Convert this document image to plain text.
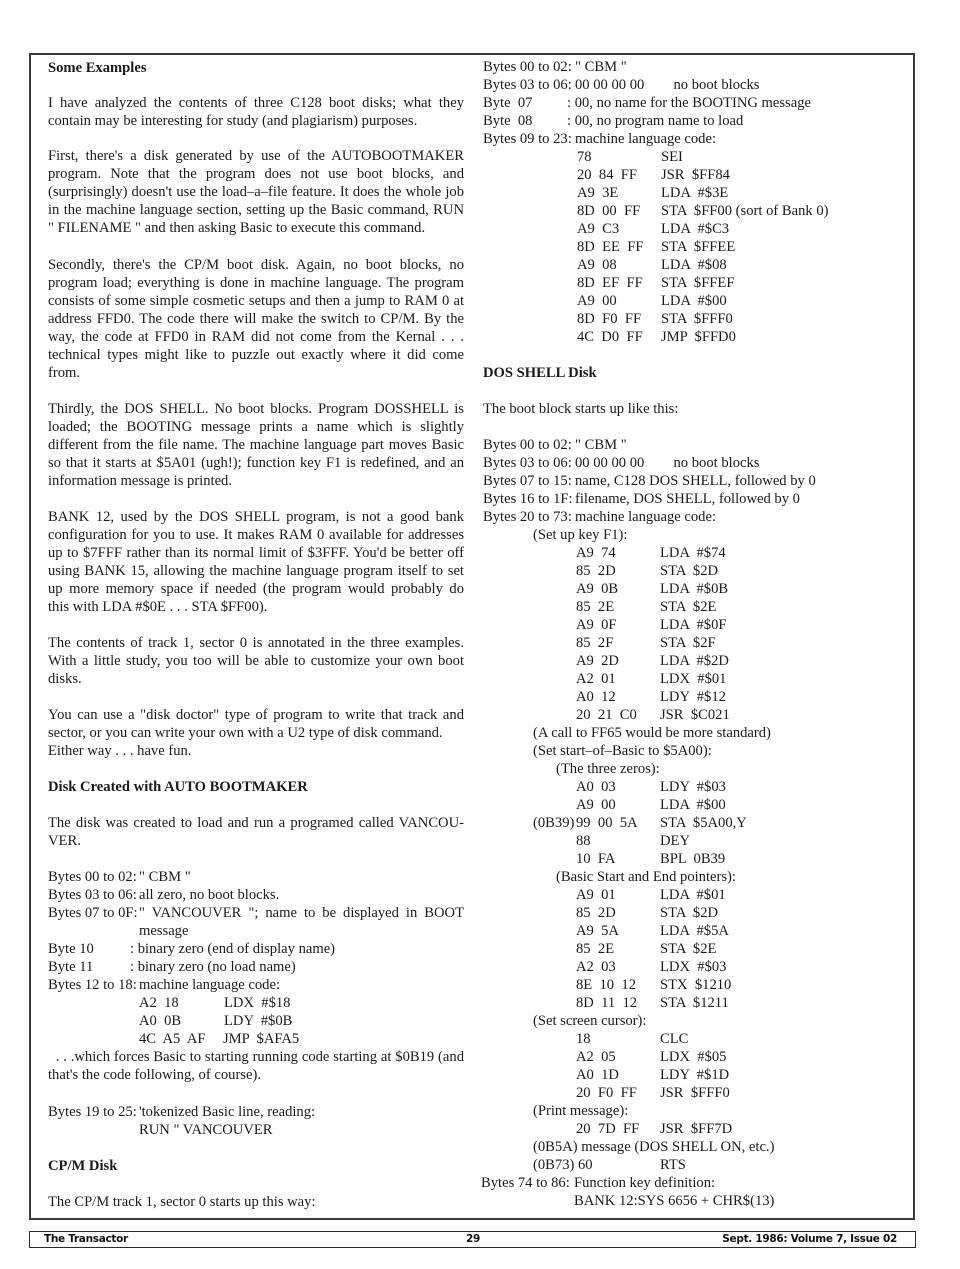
Some Examples
I have analyzed the contents of three C128 boot disks; what they
contain may be interesting for study (and plagiarism) purposes.
First, there's a disk generated by use of the AUTOBOOTMAKER
program. Note that the program does not use boot blocks, and
(surprisingly) doesn't use the load–a–file feature. It does the whole job
in the machine language section, setting up the Basic command, RUN
" FILENAME " and then asking Basic to execute this command.
Secondly, there's the CP/M boot disk. Again, no boot blocks, no
program load; everything is done in machine language. The program
consists of some simple cosmetic setups and then a jump to RAM 0 at
address FFD0. The code there will make the switch to CP/M. By the
way, the code at FFD0 in RAM did not come from the Kernal . . .
technical types might like to puzzle out exactly where it did come
from.
Thirdly, the DOS SHELL. No boot blocks. Program DOSSHELL is
loaded; the BOOTING message prints a name which is slightly
different from the file name. The machine language part moves Basic
so that it starts at $5A01 (ugh!); function key F1 is redefined, and an
information message is printed.
BANK 12, used by the DOS SHELL program, is not a good bank
configuration for you to use. It makes RAM 0 available for addresses
up to $7FFF rather than its normal limit of $3FFF. You'd be better off
using BANK 15, allowing the machine language program itself to set
up more memory space if needed (the program would probably do
this with LDA #$0E . . . STA $FF00).
The contents of track 1, sector 0 is annotated in the three examples.
With a little study, you too will be able to customize your own boot
disks.
You can use a "disk doctor" type of program to write that track and
sector, or you can write your own with a U2 type of disk command.
Either way . . . have fun.
Disk Created with AUTO BOOTMAKER
The disk was created to load and run a programed called VANCOU-
VER.
Bytes 00 to 02: " CBM "
Bytes 03 to 06: all zero, no boot blocks.
Bytes 07 to 0F: " VANCOUVER "; name to be displayed in BOOT
message
Byte 10 : binary zero (end of display name)
Byte 11	: binary zero (no load name)
Bytes 12 to 18: machine language code:
A2  18	LDX  #$18
A0  0B	LDY  #$0B
4C  A5  AF JMP  $AFA5
. . .which forces Basic to starting running code starting at $0B19 (and
that's the code following, of course).
Bytes 19 to 25: 'tokenized Basic line, reading:
RUN " VANCOUVER
CP/M Disk
The CP/M track 1, sector 0 starts up this way:
Bytes 00 to 02: " CBM "
Bytes 03 to 06: 00 00 00 00        no boot blocks
Byte  07 : 00, no name for the BOOTING message
Byte  08 : 00, no program name to load
Bytes 09 to 23: machine language code:
78	SEI
20  84  FF JSR  $FF84
A9  3E	LDA  #$3E
8D  00  FF STA  $FF00 (sort of Bank 0)
A9  C3	LDA  #$C3
8D  EE  FF STA  $FFEE
A9  08	LDA  #$08
8D  EF  FF STA  $FFEF
A9  00	LDA  #$00
8D  F0  FF STA  $FFF0
4C  D0  FF JMP  $FFD0
DOS SHELL Disk
The boot block starts up like this:
Bytes 00 to 02: " CBM "
Bytes 03 to 06: 00 00 00 00        no boot blocks
Bytes 07 to 15: name, C128 DOS SHELL, followed by 0
Bytes 16 to 1F: filename, DOS SHELL, followed by 0
Bytes 20 to 73: machine language code:
(Set up key F1):
A9  74	LDA  #$74
85  2D	STA  $2D
A9  0B	LDA  #$0B
85  2E	STA  $2E
A9  0F	LDA  #$0F
85  2F	STA  $2F
A9  2D	LDA  #$2D
A2  01	LDX  #$01
A0  12	LDY  #$12
20  21  C0 JSR  $C021
(A call to FF65 would be more standard)
(Set start–of–Basic to $5A00):
(The three zeros):
A0  03	LDY  #$03
A9  00	LDA  #$00
(0B39) 99  00  5A STA  $5A00,Y
88	DEY
10  FA	BPL  0B39
(Basic Start and End pointers):
A9  01	LDA  #$01
85  2D	STA  $2D
A9  5A	LDA  #$5A
85  2E	STA  $2E
A2  03	LDX  #$03
8E  10  12 STX  $1210
8D  11  12 STA  $1211
(Set screen cursor):
18	CLC
A2  05	LDX  #$05
A0  1D	LDY  #$1D
20  F0  FF JSR  $FFF0
(Print message):
20  7D  FF JSR  $FF7D
(0B5A) message (DOS SHELL ON, etc.)
(0B73) 60	RTS
Bytes 74 to 86: Function key definition:
BANK 12:SYS 6656 + CHR$(13)
The Transactor	29	Sept. 1986: Volume 7, Issue 02
